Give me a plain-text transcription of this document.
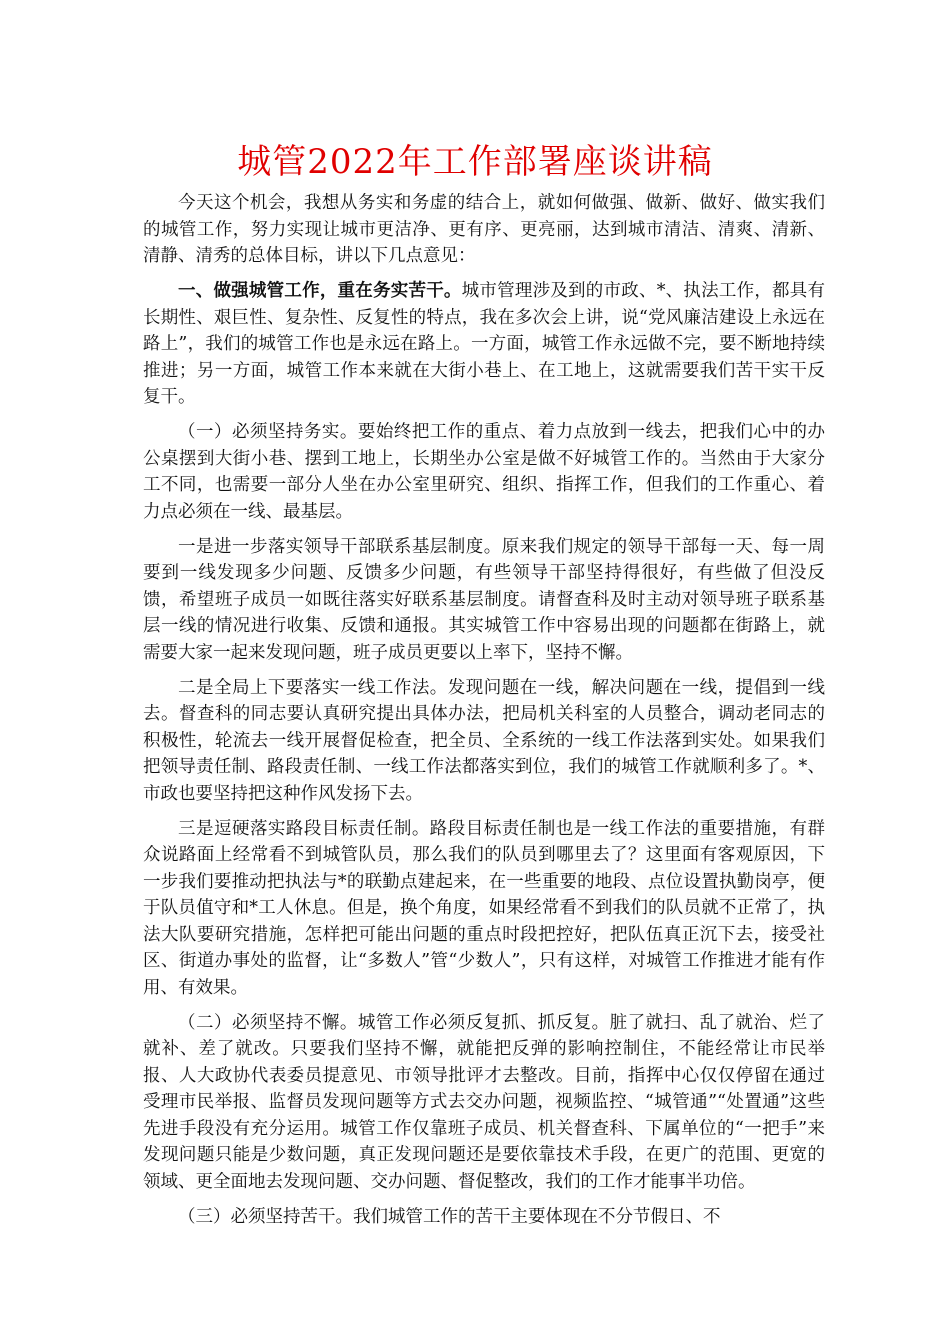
城管2022年工作部署座谈讲稿

今天这个机会，我想从务实和务虚的结合上，就如何做强、做新、做好、做实我们的城管工作，努力实现让城市更洁净、更有序、更亮丽，达到城市清洁、清爽、清新、清静、清秀的总体目标，讲以下几点意见：

一、做强城管工作，重在务实苦干。城市管理涉及到的市政、*、执法工作，都具有长期性、艰巨性、复杂性、反复性的特点，我在多次会上讲，说“党风廉洁建设上永远在路上”，我们的城管工作也是永远在路上。一方面，城管工作永远做不完，要不断地持续推进；另一方面，城管工作本来就在大街小巷上、在工地上，这就需要我们苦干实干反复干。

（一）必须坚持务实。要始终把工作的重点、着力点放到一线去，把我们心中的办公桌摆到大街小巷、摆到工地上，长期坐办公室是做不好城管工作的。当然由于大家分工不同，也需要一部分人坐在办公室里研究、组织、指挥工作，但我们的工作重心、着力点必须在一线、最基层。

一是进一步落实领导干部联系基层制度。原来我们规定的领导干部每一天、每一周要到一线发现多少问题、反馈多少问题，有些领导干部坚持得很好，有些做了但没反馈，希望班子成员一如既往落实好联系基层制度。请督查科及时主动对领导班子联系基层一线的情况进行收集、反馈和通报。其实城管工作中容易出现的问题都在街路上，就需要大家一起来发现问题，班子成员更要以上率下，坚持不懈。

二是全局上下要落实一线工作法。发现问题在一线，解决问题在一线，提倡到一线去。督查科的同志要认真研究提出具体办法，把局机关科室的人员整合，调动老同志的积极性，轮流去一线开展督促检查，把全员、全系统的一线工作法落到实处。如果我们把领导责任制、路段责任制、一线工作法都落实到位，我们的城管工作就顺利多了。*、市政也要坚持把这种作风发扬下去。

三是逗硬落实路段目标责任制。路段目标责任制也是一线工作法的重要措施，有群众说路面上经常看不到城管队员，那么我们的队员到哪里去了？这里面有客观原因，下一步我们要推动把执法与*的联勤点建起来，在一些重要的地段、点位设置执勤岗亭，便于队员值守和*工人休息。但是，换个角度，如果经常看不到我们的队员就不正常了，执法大队要研究措施，怎样把可能出问题的重点时段把控好，把队伍真正沉下去，接受社区、街道办事处的监督，让“多数人”管“少数人”，只有这样，对城管工作推进才能有作用、有效果。

（二）必须坚持不懈。城管工作必须反复抓、抓反复。脏了就扫、乱了就治、烂了就补、差了就改。只要我们坚持不懈，就能把反弹的影响控制住，不能经常让市民举报、人大政协代表委员提意见、市领导批评才去整改。目前，指挥中心仅仅停留在通过受理市民举报、监督员发现问题等方式去交办问题，视频监控、“城管通”“处置通”这些先进手段没有充分运用。城管工作仅靠班子成员、机关督查科、下属单位的“一把手”来发现问题只能是少数问题，真正发现问题还是要依靠技术手段，在更广的范围、更宽的领域、更全面地去发现问题、交办问题、督促整改，我们的工作才能事半功倍。

（三）必须坚持苦干。我们城管工作的苦干主要体现在不分节假日、不
